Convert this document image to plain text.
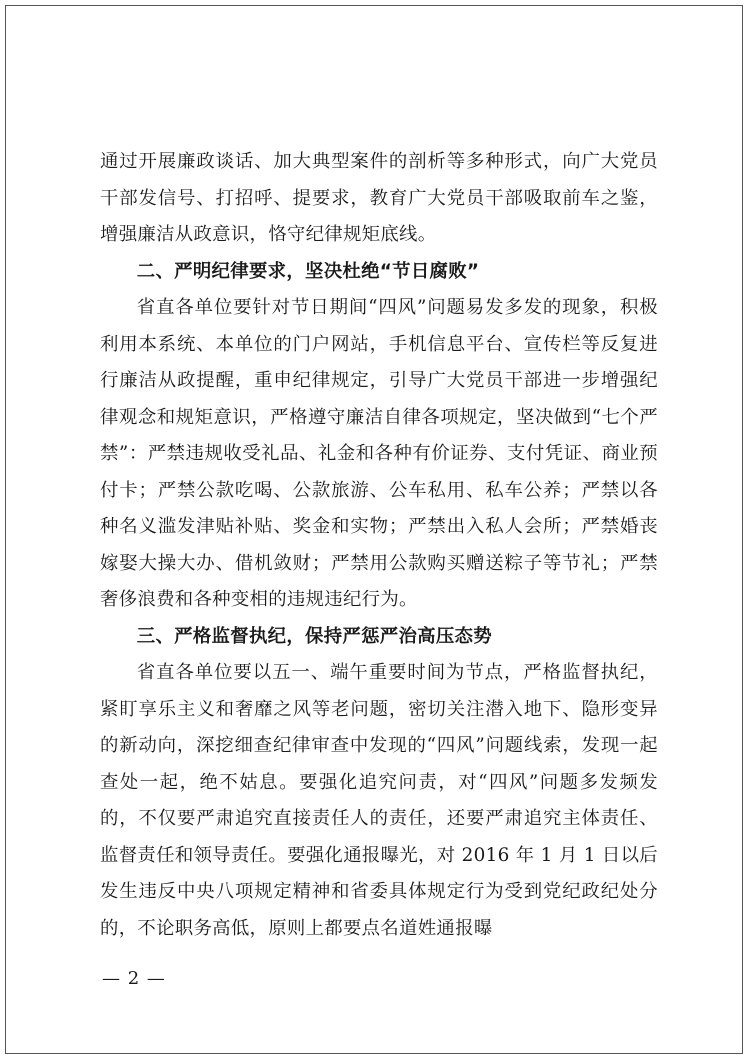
通过开展廉政谈话、加大典型案件的剖析等多种形式，向广大党员干部发信号、打招呼、提要求，教育广大党员干部吸取前车之鉴，增强廉洁从政意识，恪守纪律规矩底线。

二、严明纪律要求，坚决杜绝“节日腐败”

省直各单位要针对节日期间“四风”问题易发多发的现象，积极利用本系统、本单位的门户网站，手机信息平台、宣传栏等反复进行廉洁从政提醒，重申纪律规定，引导广大党员干部进一步增强纪律观念和规矩意识，严格遵守廉洁自律各项规定，坚决做到“七个严禁”：严禁违规收受礼品、礼金和各种有价证券、支付凭证、商业预付卡；严禁公款吃喝、公款旅游、公车私用、私车公养；严禁以各种名义滥发津贴补贴、奖金和实物；严禁出入私人会所；严禁婚丧嫁娶大操大办、借机敛财；严禁用公款购买赠送粽子等节礼；严禁奢侈浪费和各种变相的违规违纪行为。

三、严格监督执纪，保持严惩严治高压态势

省直各单位要以五一、端午重要时间为节点，严格监督执纪，紧盯享乐主义和奢靡之风等老问题，密切关注潜入地下、隐形变异的新动向，深挖细查纪律审查中发现的“四风”问题线索，发现一起查处一起，绝不姑息。要强化追究问责，对“四风”问题多发频发的，不仅要严肃追究直接责任人的责任，还要严肃追究主体责任、监督责任和领导责任。要强化通报曝光，对 2016 年 1 月 1 日以后发生违反中央八项规定精神和省委具体规定行为受到党纪政纪处分的，不论职务高低，原则上都要点名道姓通报曝

— 2 —
